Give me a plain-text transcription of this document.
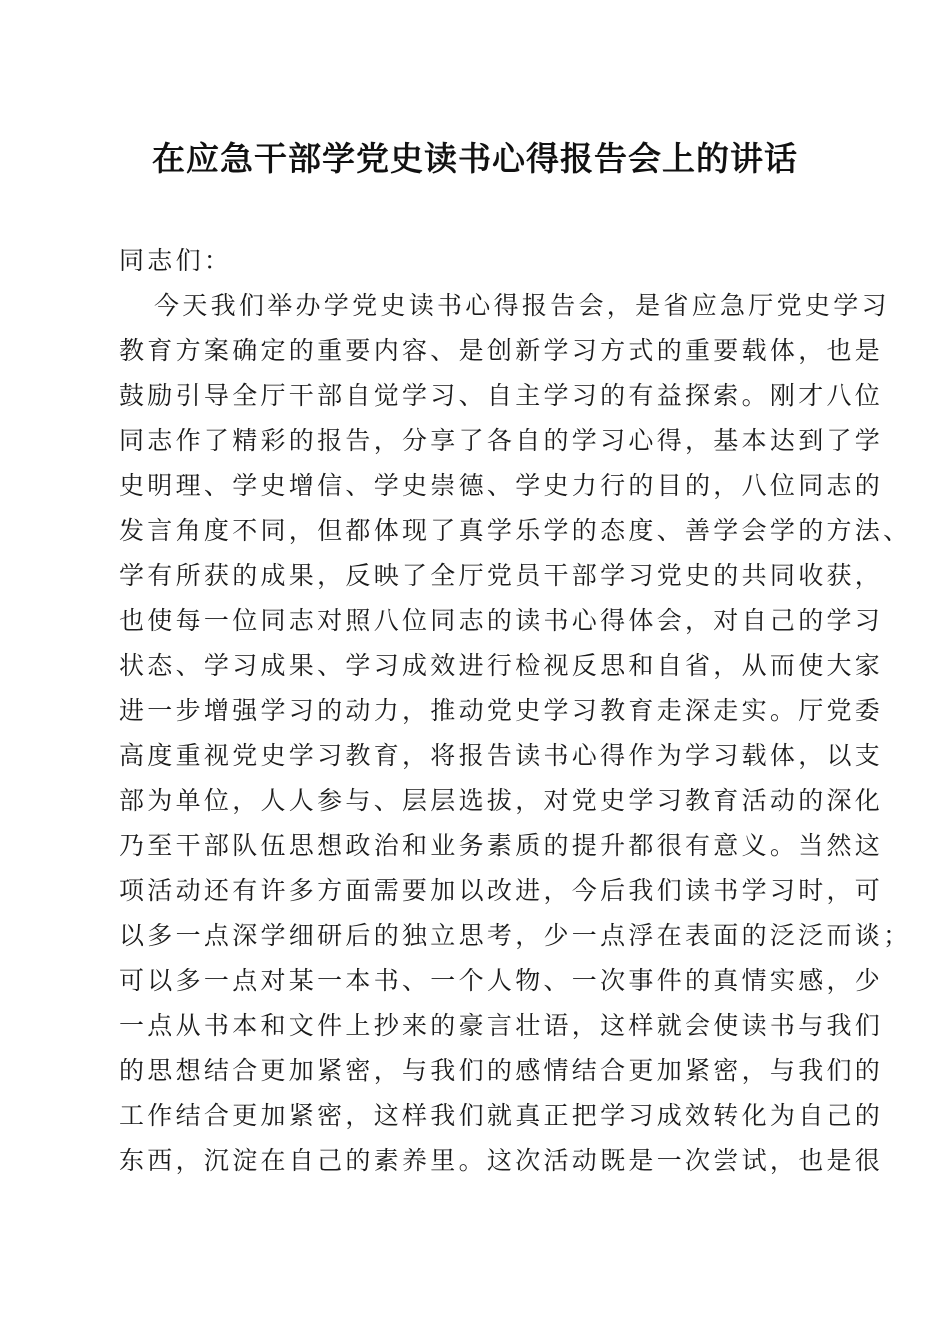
在应急干部学党史读书心得报告会上的讲话
同志们：
今天我们举办学党史读书心得报告会，是省应急厅党史学习
教育方案确定的重要内容、是创新学习方式的重要载体，也是
鼓励引导全厅干部自觉学习、自主学习的有益探索。刚才八位
同志作了精彩的报告，分享了各自的学习心得，基本达到了学
史明理、学史增信、学史崇德、学史力行的目的，八位同志的
发言角度不同，但都体现了真学乐学的态度、善学会学的方法、
学有所获的成果，反映了全厅党员干部学习党史的共同收获，
也使每一位同志对照八位同志的读书心得体会，对自己的学习
状态、学习成果、学习成效进行检视反思和自省，从而使大家
进一步增强学习的动力，推动党史学习教育走深走实。厅党委
高度重视党史学习教育，将报告读书心得作为学习载体，以支
部为单位，人人参与、层层选拔，对党史学习教育活动的深化
乃至干部队伍思想政治和业务素质的提升都很有意义。当然这
项活动还有许多方面需要加以改进，今后我们读书学习时，可
以多一点深学细研后的独立思考，少一点浮在表面的泛泛而谈；
可以多一点对某一本书、一个人物、一次事件的真情实感，少
一点从书本和文件上抄来的豪言壮语，这样就会使读书与我们
的思想结合更加紧密，与我们的感情结合更加紧密，与我们的
工作结合更加紧密，这样我们就真正把学习成效转化为自己的
东西，沉淀在自己的素养里。这次活动既是一次尝试，也是很
